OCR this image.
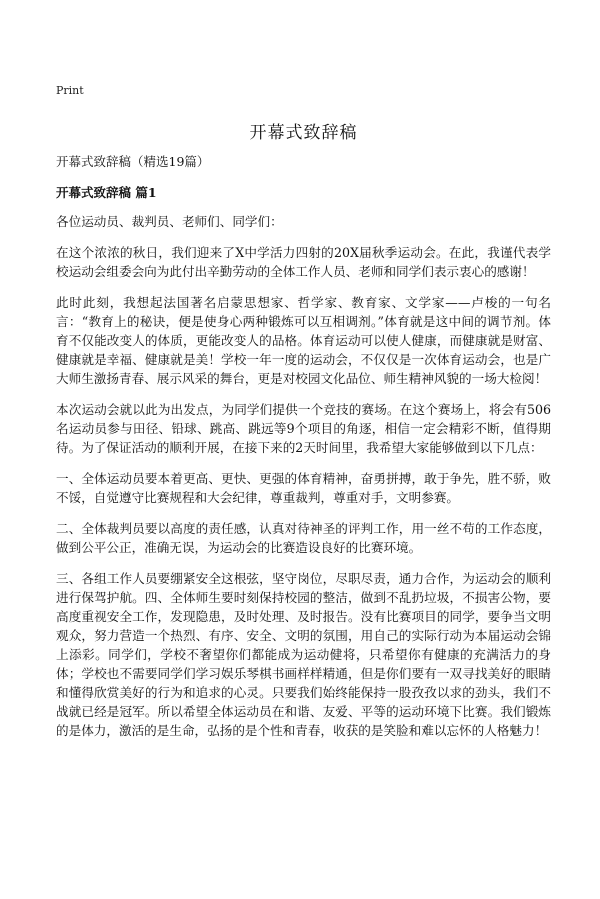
Print
开幕式致辞稿
开幕式致辞稿（精选19篇）
开幕式致辞稿 篇1

各位运动员、裁判员、老师们、同学们：

在这个浓浓的秋日，我们迎来了X中学活力四射的20X届秋季运动会。在此，我谨代表学校运动会组委会向为此付出辛勤劳动的全体工作人员、老师和同学们表示衷心的感谢！

此时此刻，我想起法国著名启蒙思想家、哲学家、教育家、文学家——卢梭的一句名言：“教育上的秘诀，便是使身心两种锻炼可以互相调剂。”体育就是这中间的调节剂。体育不仅能改变人的体质，更能改变人的品格。体育运动可以使人健康，而健康就是财富、健康就是幸福、健康就是美！学校一年一度的运动会，不仅仅是一次体育运动会，也是广大师生激扬青春、展示风采的舞台，更是对校园文化品位、师生精神风貌的一场大检阅！

本次运动会就以此为出发点，为同学们提供一个竞技的赛场。在这个赛场上，将会有506名运动员参与田径、铅球、跳高、跳远等9个项目的角逐，相信一定会精彩不断，值得期待。为了保证活动的顺利开展，在接下来的2天时间里，我希望大家能够做到以下几点：

一、全体运动员要本着更高、更快、更强的体育精神，奋勇拼搏，敢于争先，胜不骄，败不馁，自觉遵守比赛规程和大会纪律，尊重裁判，尊重对手，文明参赛。

二、全体裁判员要以高度的责任感，认真对待神圣的评判工作，用一丝不苟的工作态度，做到公平公正，准确无误，为运动会的比赛造设良好的比赛环境。

三、各组工作人员要绷紧安全这根弦，坚守岗位，尽职尽责，通力合作，为运动会的顺利进行保驾护航。四、全体师生要时刻保持校园的整洁，做到不乱扔垃圾，不损害公物，要高度重视安全工作，发现隐患，及时处理、及时报告。没有比赛项目的同学，要争当文明观众，努力营造一个热烈、有序、安全、文明的氛围，用自己的实际行动为本届运动会锦上添彩。同学们，学校不奢望你们都能成为运动健将，只希望你有健康的充满活力的身体；学校也不需要同学们学习娱乐琴棋书画样样精通，但是你们要有一双寻找美好的眼睛和懂得欣赏美好的行为和追求的心灵。只要我们始终能保持一股孜孜以求的劲头，我们不战就已经是冠军。所以希望全体运动员在和谐、友爱、平等的运动环境下比赛。我们锻炼的是体力，激活的是生命，弘扬的是个性和青春，收获的是笑脸和难以忘怀的人格魅力！
